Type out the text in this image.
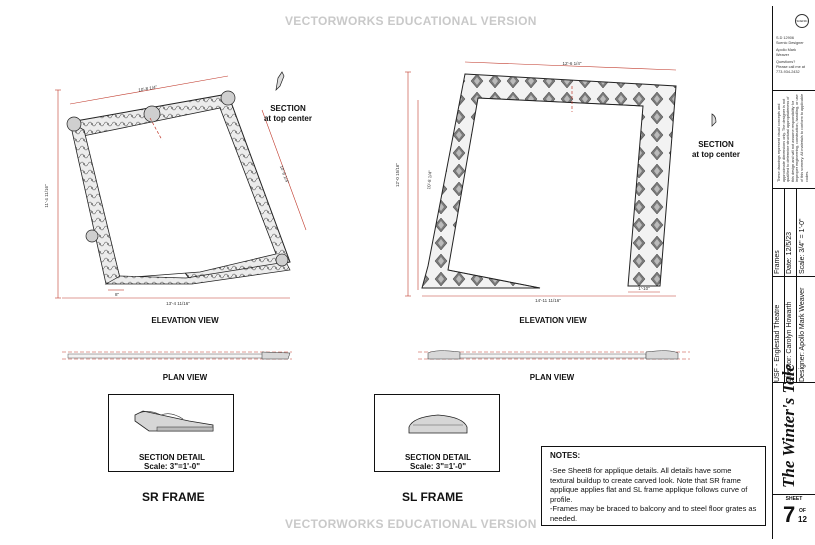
VECTORWORKS EDUCATIONAL VERSION
VECTORWORKS EDUCATIONAL VERSION
10'-8 1/4"
11'-4 11/16"
10'-8 1/4"
13'-4 11/16"
8"
12'-6 1/4"
12'-0 15/16"	10'-8 1/4"
14'-11 11/16"
1'-10"
ELEVATION VIEW	ELEVATION VIEW
PLAN VIEW	PLAN VIEW
SECTION
at top center
SECTION
at top center
SECTION DETAIL
Scale: 3"=1'-0"
SECTION DETAIL
Scale: 3"=1'-0"
SR FRAME	SL FRAME
NOTES:
-See Sheet8 for applique details. All details have some
textural buildup to create carved look. Note that SR frame
applique applies flat and SL frame applique follows curve of
profile.
-Frames may be braced to balcony and to steel floor grates as
needed.
SCENIC
S.D 12906
Scenic Designer
Apollo Mark
Weaver
Questions?
Please call me at
773-934-2432
These drawings represent visual concepts and approximate dimensions only. The designer is not qualified to determine structural appropriateness of this design and will not assume responsibility for improper engineering, construction, handling, or use of this scenery. All materials to conform to applicable codes.
Frames Date: 12/5/23 Scale: 3/4" = 1'-0"
USF - Englestad Theatre Director: Carolyn Howarth Designer: Apollo Mark Weaver
The Winter's Tale
SHEET
7 OF
12
